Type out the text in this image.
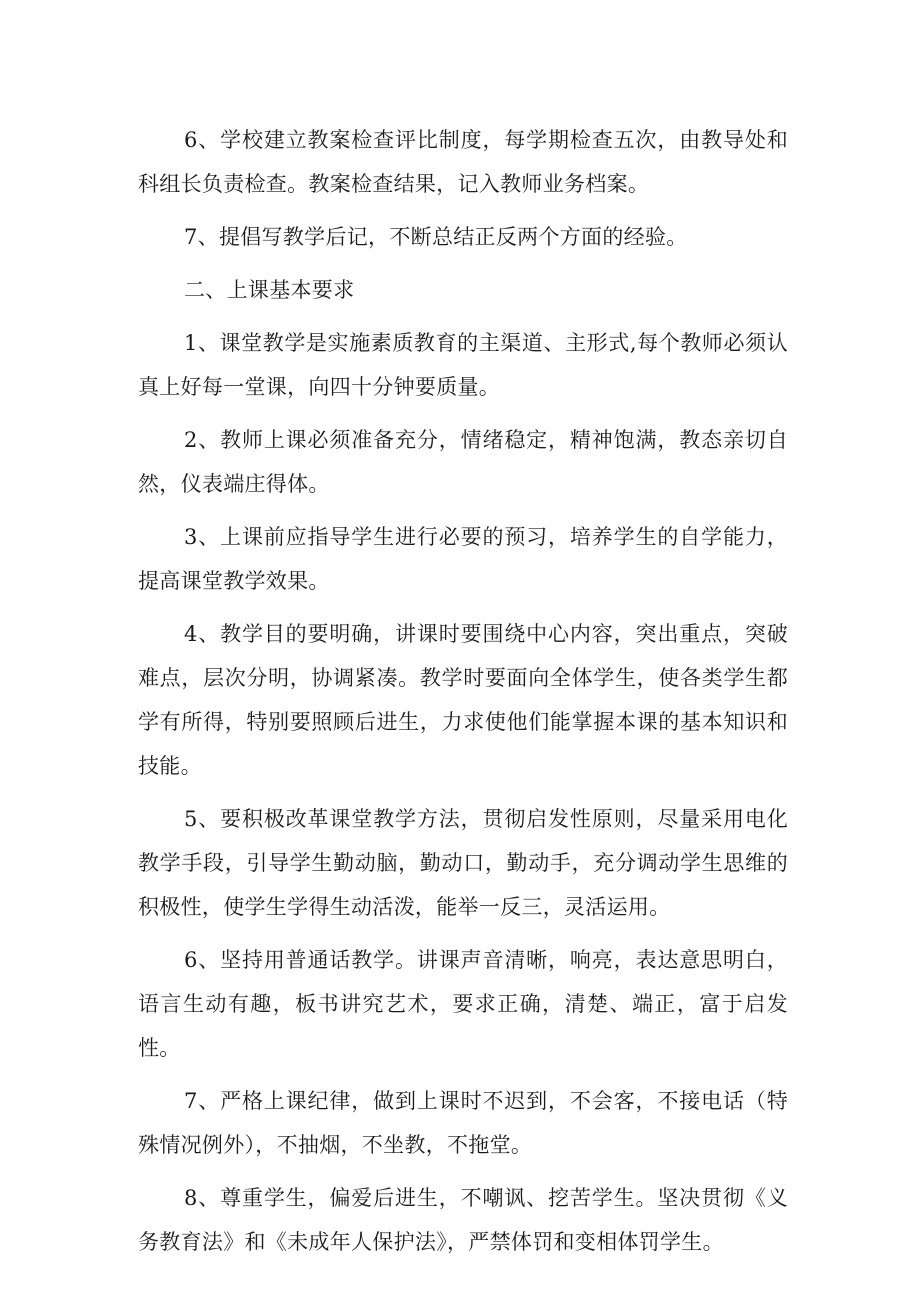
6、学校建立教案检查评比制度，每学期检查五次，由教导处和科组长负责检查。教案检查结果，记入教师业务档案。

7、提倡写教学后记，不断总结正反两个方面的经验。

二、上课基本要求

1、课堂教学是实施素质教育的主渠道、主形式,每个教师必须认真上好每一堂课，向四十分钟要质量。

2、教师上课必须准备充分，情绪稳定，精神饱满，教态亲切自然，仪表端庄得体。

3、上课前应指导学生进行必要的预习，培养学生的自学能力，提高课堂教学效果。

4、教学目的要明确，讲课时要围绕中心内容，突出重点，突破难点，层次分明，协调紧凑。教学时要面向全体学生，使各类学生都学有所得，特别要照顾后进生，力求使他们能掌握本课的基本知识和技能。

5、要积极改革课堂教学方法，贯彻启发性原则，尽量采用电化教学手段，引导学生勤动脑，勤动口，勤动手，充分调动学生思维的积极性，使学生学得生动活泼，能举一反三，灵活运用。

6、坚持用普通话教学。讲课声音清晰，响亮，表达意思明白，语言生动有趣，板书讲究艺术，要求正确，清楚、端正，富于启发性。

7、严格上课纪律，做到上课时不迟到，不会客，不接电话（特殊情况例外），不抽烟，不坐教，不拖堂。

8、尊重学生，偏爱后进生，不嘲讽、挖苦学生。坚决贯彻《义务教育法》和《未成年人保护法》，严禁体罚和变相体罚学生。
